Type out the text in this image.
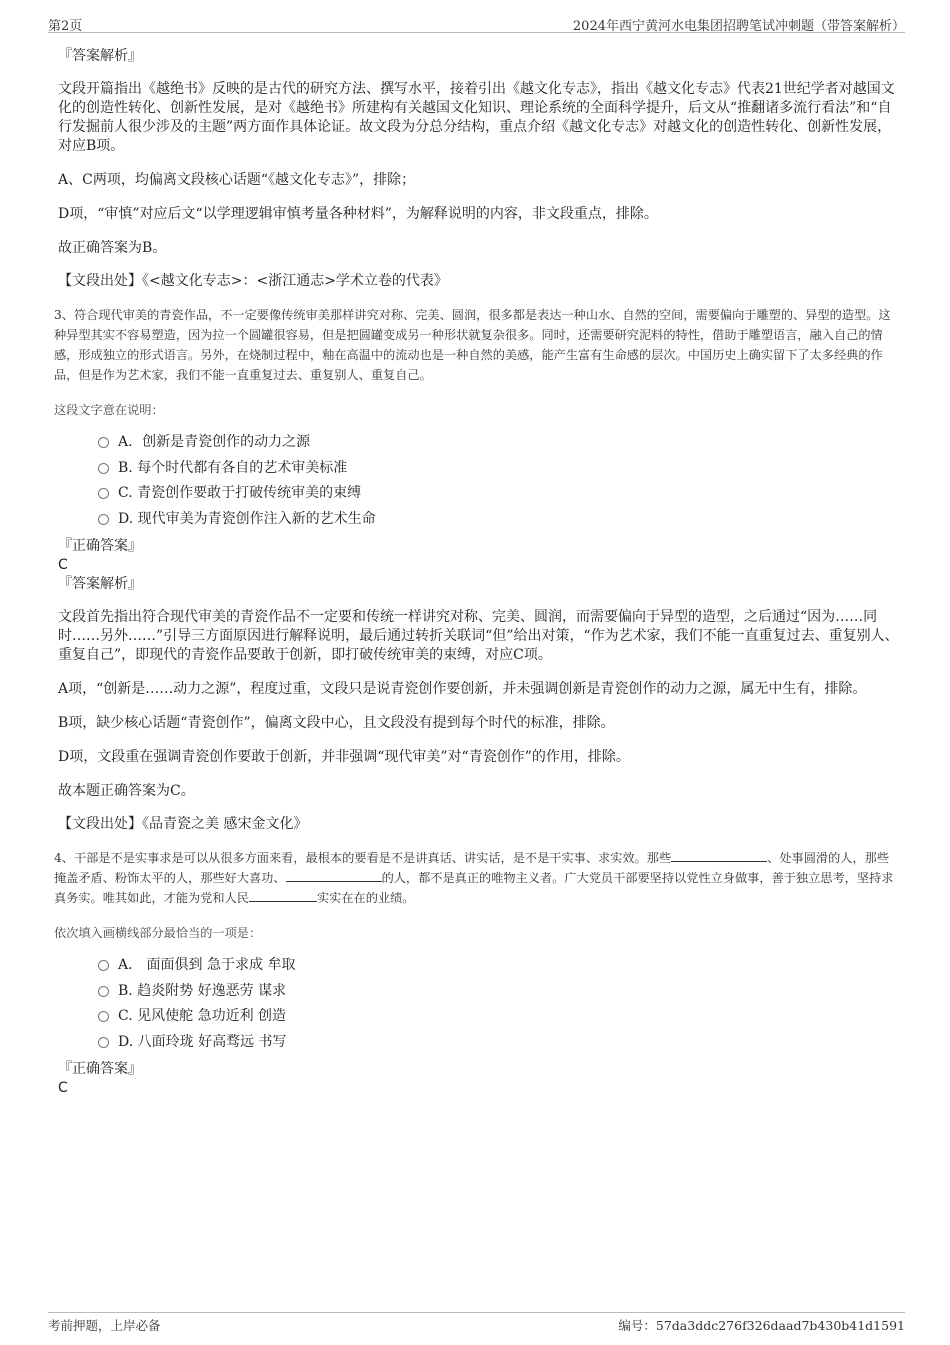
第2页	2024年西宁黄河水电集团招聘笔试冲刺题（带答案解析）

『答案解析』

文段开篇指出《越绝书》反映的是古代的研究方法、撰写水平，接着引出《越文化专志》，指出《越文化专志》代表21世纪学者对越国文化的创造性转化、创新性发展，是对《越绝书》所建构有关越国文化知识、理论系统的全面科学提升，后文从“推翻诸多流行看法”和“自行发掘前人很少涉及的主题”两方面作具体论证。故文段为分总分结构，重点介绍《越文化专志》对越文化的创造性转化、创新性发展，对应B项。

A、C两项，均偏离文段核心话题“《越文化专志》”，排除；

D项，“审慎”对应后文“以学理逻辑审慎考量各种材料”，为解释说明的内容，非文段重点，排除。

故正确答案为B。

【文段出处】《<越文化专志>：<浙江通志>学术立卷的代表》

3、符合现代审美的青瓷作品，不一定要像传统审美那样讲究对称、完美、圆润，很多都是表达一种山水、自然的空间，需要偏向于雕塑的、异型的造型。这种异型其实不容易塑造，因为拉一个圆罐很容易，但是把圆罐变成另一种形状就复杂很多。同时，还需要研究泥料的特性，借助于雕塑语言，融入自己的情感，形成独立的形式语言。另外，在烧制过程中，釉在高温中的流动也是一种自然的美感，能产生富有生命感的层次。中国历史上确实留下了太多经典的作品，但是作为艺术家，我们不能一直重复过去、重复别人、重复自己。

这段文字意在说明：

A．创新是青瓷创作的动力之源
B. 每个时代都有各自的艺术审美标准
C. 青瓷创作要敢于打破传统审美的束缚
D. 现代审美为青瓷创作注入新的艺术生命

『正确答案』

C

『答案解析』

文段首先指出符合现代审美的青瓷作品不一定要和传统一样讲究对称、完美、圆润，而需要偏向于异型的造型，之后通过“因为……同时……另外……”引导三方面原因进行解释说明，最后通过转折关联词“但”给出对策，“作为艺术家，我们不能一直重复过去、重复别人、重复自己”，即现代的青瓷作品要敢于创新，即打破传统审美的束缚，对应C项。

A项，“创新是……动力之源”，程度过重，文段只是说青瓷创作要创新，并未强调创新是青瓷创作的动力之源，属无中生有，排除。

B项，缺少核心话题“青瓷创作”，偏离文段中心，且文段没有提到每个时代的标准，排除。

D项，文段重在强调青瓷创作要敢于创新，并非强调“现代审美”对“青瓷创作”的作用，排除。

故本题正确答案为C。

【文段出处】《品青瓷之美 感宋金文化》

4、干部是不是实事求是可以从很多方面来看，最根本的要看是不是讲真话、讲实话，是不是干实事、求实效。那些	、处事圆滑的人，那些掩盖矛盾、粉饰太平的人，那些好大喜功、	的人，都不是真正的唯物主义者。广大党员干部要坚持以党性立身做事，善于独立思考，坚持求真务实。唯其如此，才能为党和人民	实实在在的业绩。

依次填入画横线部分最恰当的一项是：

A． 面面俱到 急于求成 牟取
B. 趋炎附势 好逸恶劳 谋求
C. 见风使舵 急功近利 创造
D. 八面玲珑 好高骛远 书写

『正确答案』

C

考前押题，上岸必备	编号：57da3ddc276f326daad7b430b41d1591
